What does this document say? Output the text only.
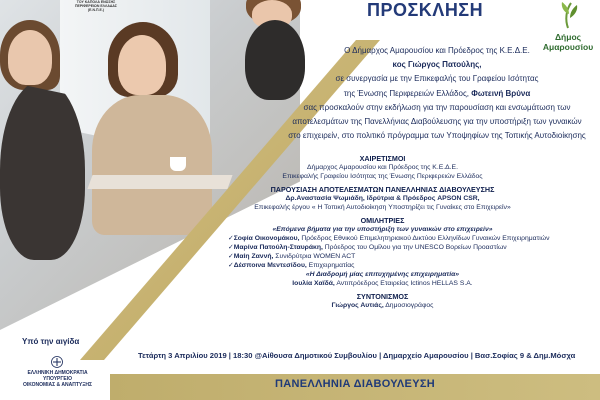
ΤΟΥ ΚΑΠΟΛΑ ΕΝΩΣΗΣ ΠΕΡΙΦΕΡΕΙΩΝ ΕΛΛΑΔΑΣ (Ε.Ν.Π.Ε.)	ΠΡΟΣΚΛΗΣΗ
Δήμος Αμαρουσίου
Ο Δήμαρχος Αμαρουσίου και Πρόεδρος της Κ.Ε.Δ.Ε.
κος Γιώργος Πατούλης,
σε συνεργασία με την Επικεφαλής του Γραφείου Ισότητας
της Ένωσης Περιφερειών Ελλάδος, Φωτεινή Βρύνα
σας προσκαλούν στην εκδήλωση για την παρουσίαση και ενσωμάτωση των
αποτελεσμάτων της Πανελλήνιας Διαβούλευσης για την υποστήριξη των γυναικών
στο επιχειρείν, στο πολιτικό πρόγραμμα των Υποψηφίων της Τοπικής Αυτοδιοίκησης
ΧΑΙΡΕΤΙΣΜΟΙ
Δήμαρχος Αμαρουσίου και Πρόεδρος της Κ.Ε.Δ.Ε.
Επικεφαλής Γραφείου Ισότητας της Ένωσης Περιφερειών Ελλάδος
ΠΑΡΟΥΣΙΑΣΗ ΑΠΟΤΕΛΕΣΜΑΤΩΝ ΠΑΝΕΛΛΗΝΙΑΣ ΔΙΑΒΟΥΛΕΥΣΗΣ
Δρ.Αναστασία Ψωμιάδη, Ιδρύτρια & Πρόεδρος APSON CSR,
Επικεφαλής έργου « Η Τοπική Αυτοδιοίκηση Υποστηρίζει τις Γυναίκες στο Επιχειρείν»
ΟΜΙΛΗΤΡΙΕΣ
«Επόμενα βήματα για την υποστήριξη των γυναικών στο επιχειρείν»
✓Σοφία Οικονομάκου, Πρόεδρος Εθνικού Επιμελητηριακού Δικτύου Ελληνίδων Γυναικών Επιχειρηματιών
✓Μαρίνα Πατούλη-Σταυράκη, Πρόεδρος του Ομίλου για την UNESCO Βορείων Προαστίων
✓Μαίη Ζαννή, Συνιδρύτρια WOMEN ACT
✓Δέσποινα Μεντεσίδου, Επιχειρηματίας
«Η Διαδρομή μίας επιτυχημένης επιχειρηματία»
Ιουλία Χαϊδά, Αντιπρόεδρος Εταιρείας Ictinos HELLAS S.A.
ΣΥΝΤΟΝΙΣΜΟΣ
Γιώργος Αυτιάς, Δημοσιογράφος
Υπό την αιγίδα
ΕΛΛΗΝΙΚΗ ΔΗΜΟΚΡΑΤΙΑ
ΥΠΟΥΡΓΕΙΟ
ΟΙΚΟΝΟΜΙΑΣ & ΑΝΑΠΤΥΞΗΣ
Τετάρτη 3 Απριλίου 2019 | 18:30 @Αίθουσα Δημοτικού Συμβουλίου | Δημαρχείο Αμαρουσίου | Βασ.Σοφίας 9 & Δημ.Μόσχα
ΠΑΝΕΛΛΗΝΙΑ ΔΙΑΒΟΥΛΕΥΣΗ
